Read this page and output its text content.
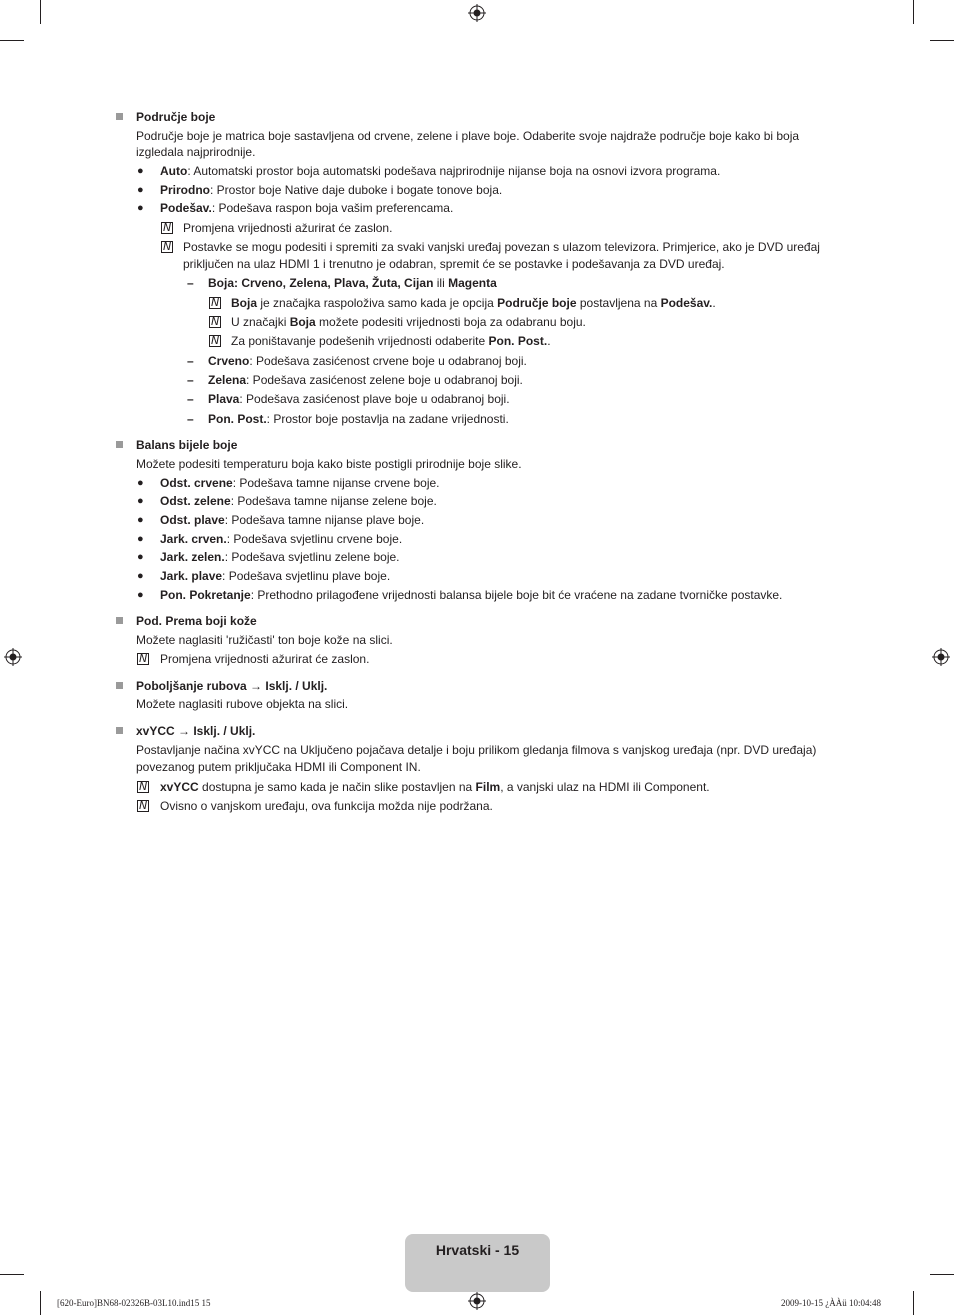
Područje boje
Područje boje je matrica boje sastavljena od crvene, zelene i plave boje. Odaberite svoje najdraže područje boje kako bi boja
izgledala najprirodnije.
● Auto: Automatski prostor boja automatski podešava najprirodnije nijanse boja na osnovi izvora programa.
● Prirodno: Prostor boje Native daje duboke i bogate tonove boja.
● Podešav.: Podešava raspon boja vašim preferencama.
N Promjena vrijednosti ažurirat će zaslon.
N Postavke se mogu podesiti i spremiti za svaki vanjski uređaj povezan s ulazom televizora. Primjerice, ako je DVD uređaj
priključen na ulaz HDMI 1 i trenutno je odabran, spremit će se postavke i podešavanja za DVD uređaj.
– Boja: Crveno, Zelena, Plava, Žuta, Cijan ili Magenta
N Boja je značajka raspoloživa samo kada je opcija Područje boje postavljena na Podešav..
N U značajki Boja možete podesiti vrijednosti boja za odabranu boju.
N Za poništavanje podešenih vrijednosti odaberite Pon. Post..
– Crveno: Podešava zasićenost crvene boje u odabranoj boji.
– Zelena: Podešava zasićenost zelene boje u odabranoj boji.
– Plava: Podešava zasićenost plave boje u odabranoj boji.
– Pon. Post.: Prostor boje postavlja na zadane vrijednosti.
Balans bijele boje
Možete podesiti temperaturu boja kako biste postigli prirodnije boje slike.
● Odst. crvene: Podešava tamne nijanse crvene boje.
● Odst. zelene: Podešava tamne nijanse zelene boje.
● Odst. plave: Podešava tamne nijanse plave boje.
● Jark. crven.: Podešava svjetlinu crvene boje.
● Jark. zelen.: Podešava svjetlinu zelene boje.
● Jark. plave: Podešava svjetlinu plave boje.
● Pon. Pokretanje: Prethodno prilagođene vrijednosti balansa bijele boje bit će vraćene na zadane tvorničke postavke.
Pod. Prema boji kože
Možete naglasiti 'ružičasti' ton boje kože na slici.
N Promjena vrijednosti ažurirat će zaslon.
Poboljšanje rubova → Isklj. / Uklj.
Možete naglasiti rubove objekta na slici.
xvYCC → Isklj. / Uklj.
Postavljanje načina xvYCC na Uključeno pojačava detalje i boju prilikom gledanja filmova s vanjskog uređaja (npr. DVD uređaja)
povezanog putem priključaka HDMI ili Component IN.
N xvYCC dostupna je samo kada je način slike postavljen na Film, a vanjski ulaz na HDMI ili Component.
N Ovisno o vanjskom uređaju, ova funkcija možda nije podržana.
Hrvatski - 15
[620-Euro]BN68-02326B-03L10.ind15 15	2009-10-15 ¿ÀÀü 10:04:48
